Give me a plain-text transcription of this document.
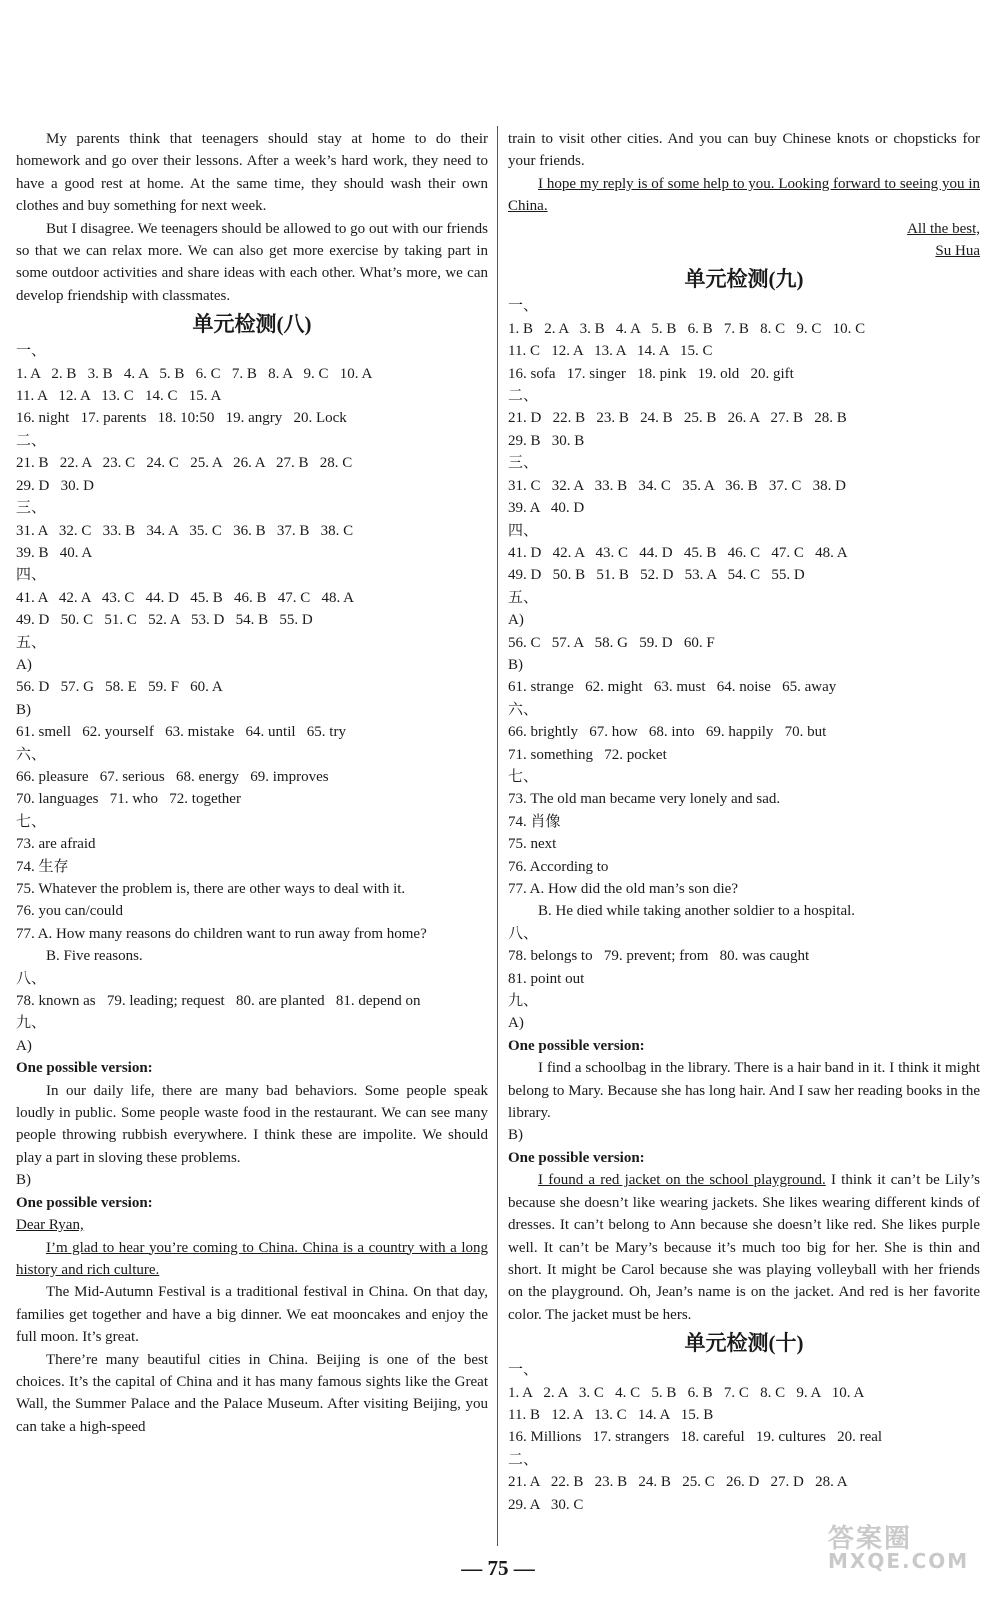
My parents think that teenagers should stay at home to do their homework and go over their lessons. After a week’s hard work, they need to have a good rest at home. At the same time, they should wash their own clothes and buy something for next week.

But I disagree. We teenagers should be allowed to go out with our friends so that we can relax more. We can also get more exercise by taking part in some outdoor activities and share ideas with each other. What’s more, we can develop friendship with classmates.

单元检测(八)

一、

1. A   2. B   3. B   4. A   5. B   6. C   7. B   8. A   9. C   10. A

11. A   12. A   13. C   14. C   15. A

16. night   17. parents   18. 10:50   19. angry   20. Lock

二、

21. B   22. A   23. C   24. C   25. A   26. A   27. B   28. C

29. D   30. D

三、

31. A   32. C   33. B   34. A   35. C   36. B   37. B   38. C

39. B   40. A

四、

41. A   42. A   43. C   44. D   45. B   46. B   47. C   48. A

49. D   50. C   51. C   52. A   53. D   54. B   55. D

五、

A)

56. D   57. G   58. E   59. F   60. A

B)

61. smell   62. yourself   63. mistake   64. until   65. try

六、

66. pleasure   67. serious   68. energy   69. improves

70. languages   71. who   72. together

七、

73. are afraid

74. 生存

75. Whatever the problem is, there are other ways to deal with it.

76. you can/could

77. A. How many reasons do children want to run away from home?

B. Five reasons.

八、

78. known as   79. leading; request   80. are planted   81. depend on

九、

A)

One possible version:

In our daily life, there are many bad behaviors. Some people speak loudly in public. Some people waste food in the restaurant. We can see many people throwing rubbish everywhere. I think these are impolite. We should play a part in sloving these problems.

B)

One possible version:

Dear Ryan,

I’m glad to hear you’re coming to China. China is a country with a long history and rich culture.

The Mid-Autumn Festival is a traditional festival in China. On that day, families get together and have a big dinner. We eat mooncakes and enjoy the full moon. It’s great.

There’re many beautiful cities in China. Beijing is one of the best choices. It’s the capital of China and it has many famous sights like the Great Wall, the Summer Palace and the Palace Museum. After visiting Beijing, you can take a high-speed

train to visit other cities. And you can buy Chinese knots or chopsticks for your friends.

I hope my reply is of some help to you. Looking forward to seeing you in China.

All the best,

Su Hua

单元检测(九)

一、

1. B   2. A   3. B   4. A   5. B   6. B   7. B   8. C   9. C   10. C

11. C   12. A   13. A   14. A   15. C

16. sofa   17. singer   18. pink   19. old   20. gift

二、

21. D   22. B   23. B   24. B   25. B   26. A   27. B   28. B

29. B   30. B

三、

31. C   32. A   33. B   34. C   35. A   36. B   37. C   38. D

39. A   40. D

四、

41. D   42. A   43. C   44. D   45. B   46. C   47. C   48. A

49. D   50. B   51. B   52. D   53. A   54. C   55. D

五、

A)

56. C   57. A   58. G   59. D   60. F

B)

61. strange   62. might   63. must   64. noise   65. away

六、

66. brightly   67. how   68. into   69. happily   70. but

71. something   72. pocket

七、

73. The old man became very lonely and sad.

74. 肖像

75. next

76. According to

77. A. How did the old man’s son die?

B. He died while taking another soldier to a hospital.

八、

78. belongs to   79. prevent; from   80. was caught

81. point out

九、

A)

One possible version:

I find a schoolbag in the library. There is a hair band in it. I think it might belong to Mary. Because she has long hair. And I saw her reading books in the library.

B)

One possible version:

I found a red jacket on the school playground. I think it can’t be Lily’s because she doesn’t like wearing jackets. She likes wearing different kinds of dresses. It can’t belong to Ann because she doesn’t like red. She likes purple well. It can’t be Mary’s because it’s much too big for her. She is thin and short. It might be Carol because she was playing volleyball with her friends on the playground. Oh, Jean’s name is on the jacket. And red is her favorite color. The jacket must be hers.

单元检测(十)

一、

1. A   2. A   3. C   4. C   5. B   6. B   7. C   8. C   9. A   10. A

11. B   12. A   13. C   14. A   15. B

16. Millions   17. strangers   18. careful   19. cultures   20. real

二、

21. A   22. B   23. B   24. B   25. C   26. D   27. D   28. A

29. A   30. C

— 75 —
答案圈
MXQE.COM
